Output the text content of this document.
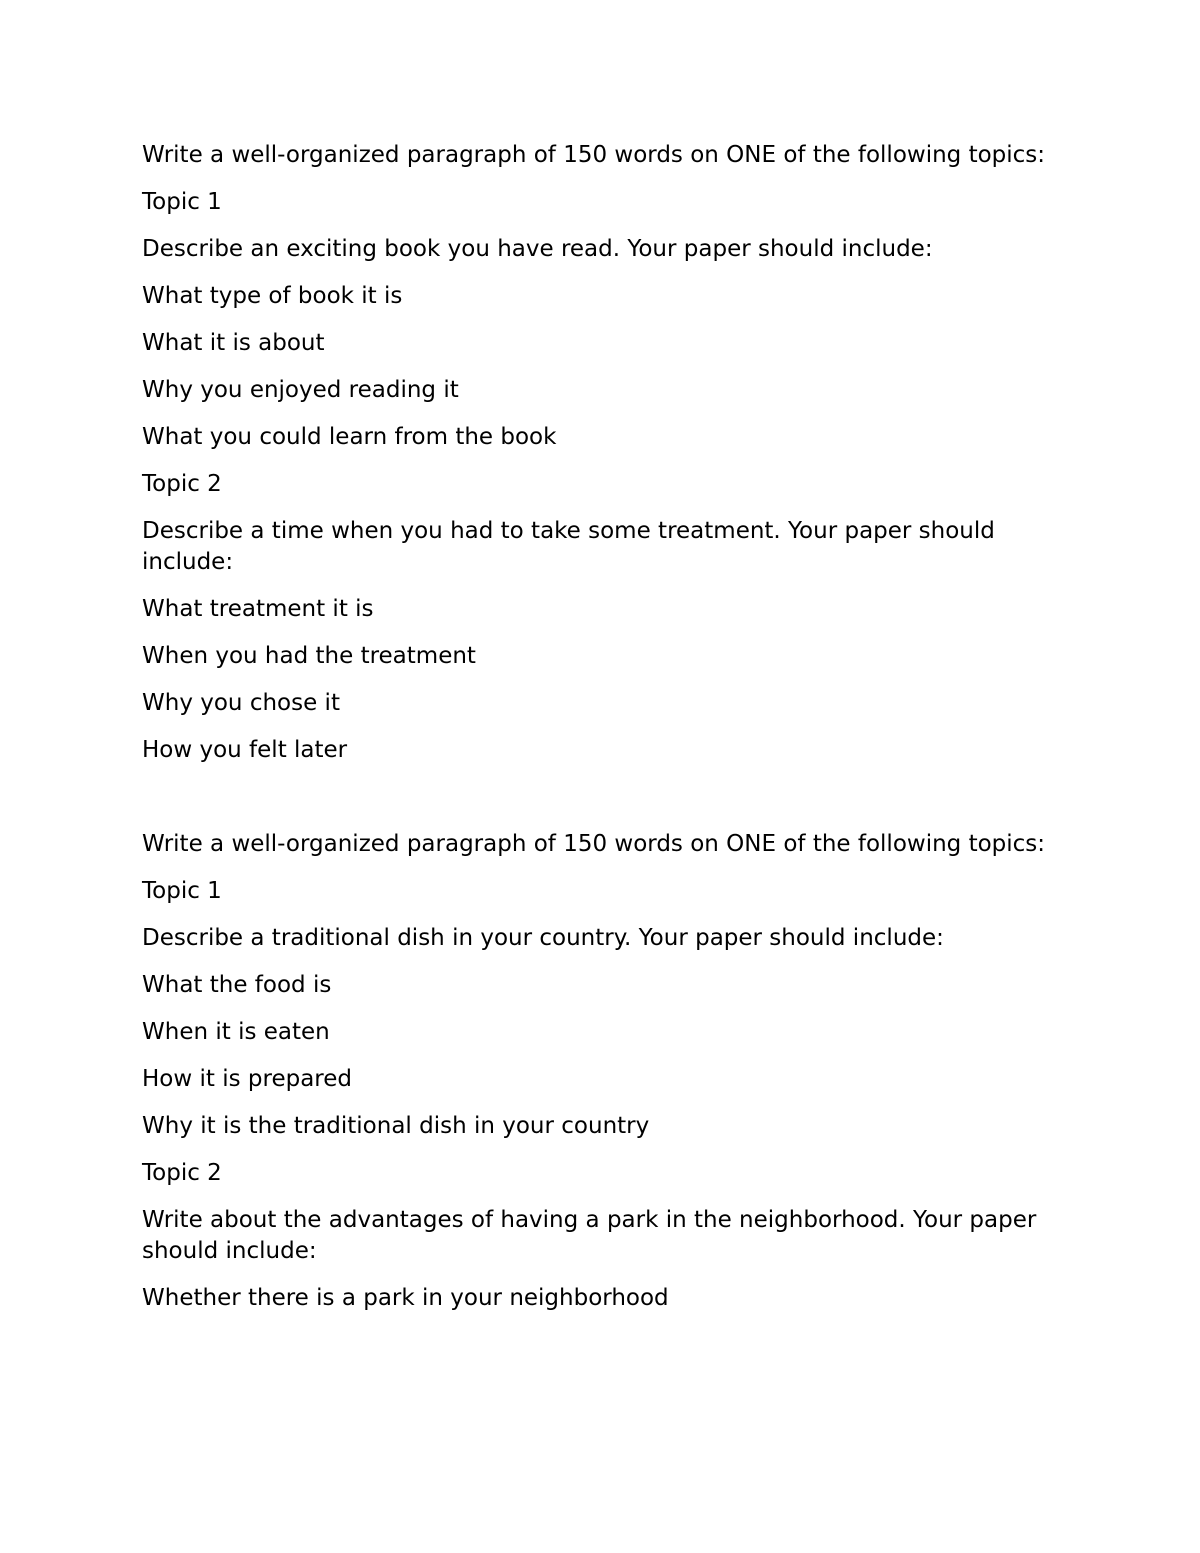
Write a well-organized paragraph of 150 words on ONE of the following topics:

Topic 1

Describe an exciting book you have read. Your paper should include:

What type of book it is

What it is about

Why you enjoyed reading it

What you could learn from the book

Topic 2

Describe a time when you had to take some treatment. Your paper should include:

What treatment it is

When you had the treatment

Why you chose it

How you felt later

Write a well-organized paragraph of 150 words on ONE of the following topics:

Topic 1

Describe a traditional dish in your country. Your paper should include:

What the food is

When it is eaten

How it is prepared

Why it is the traditional dish in your country

Topic 2

Write about the advantages of having a park in the neighborhood. Your paper should include:

Whether there is a park in your neighborhood
